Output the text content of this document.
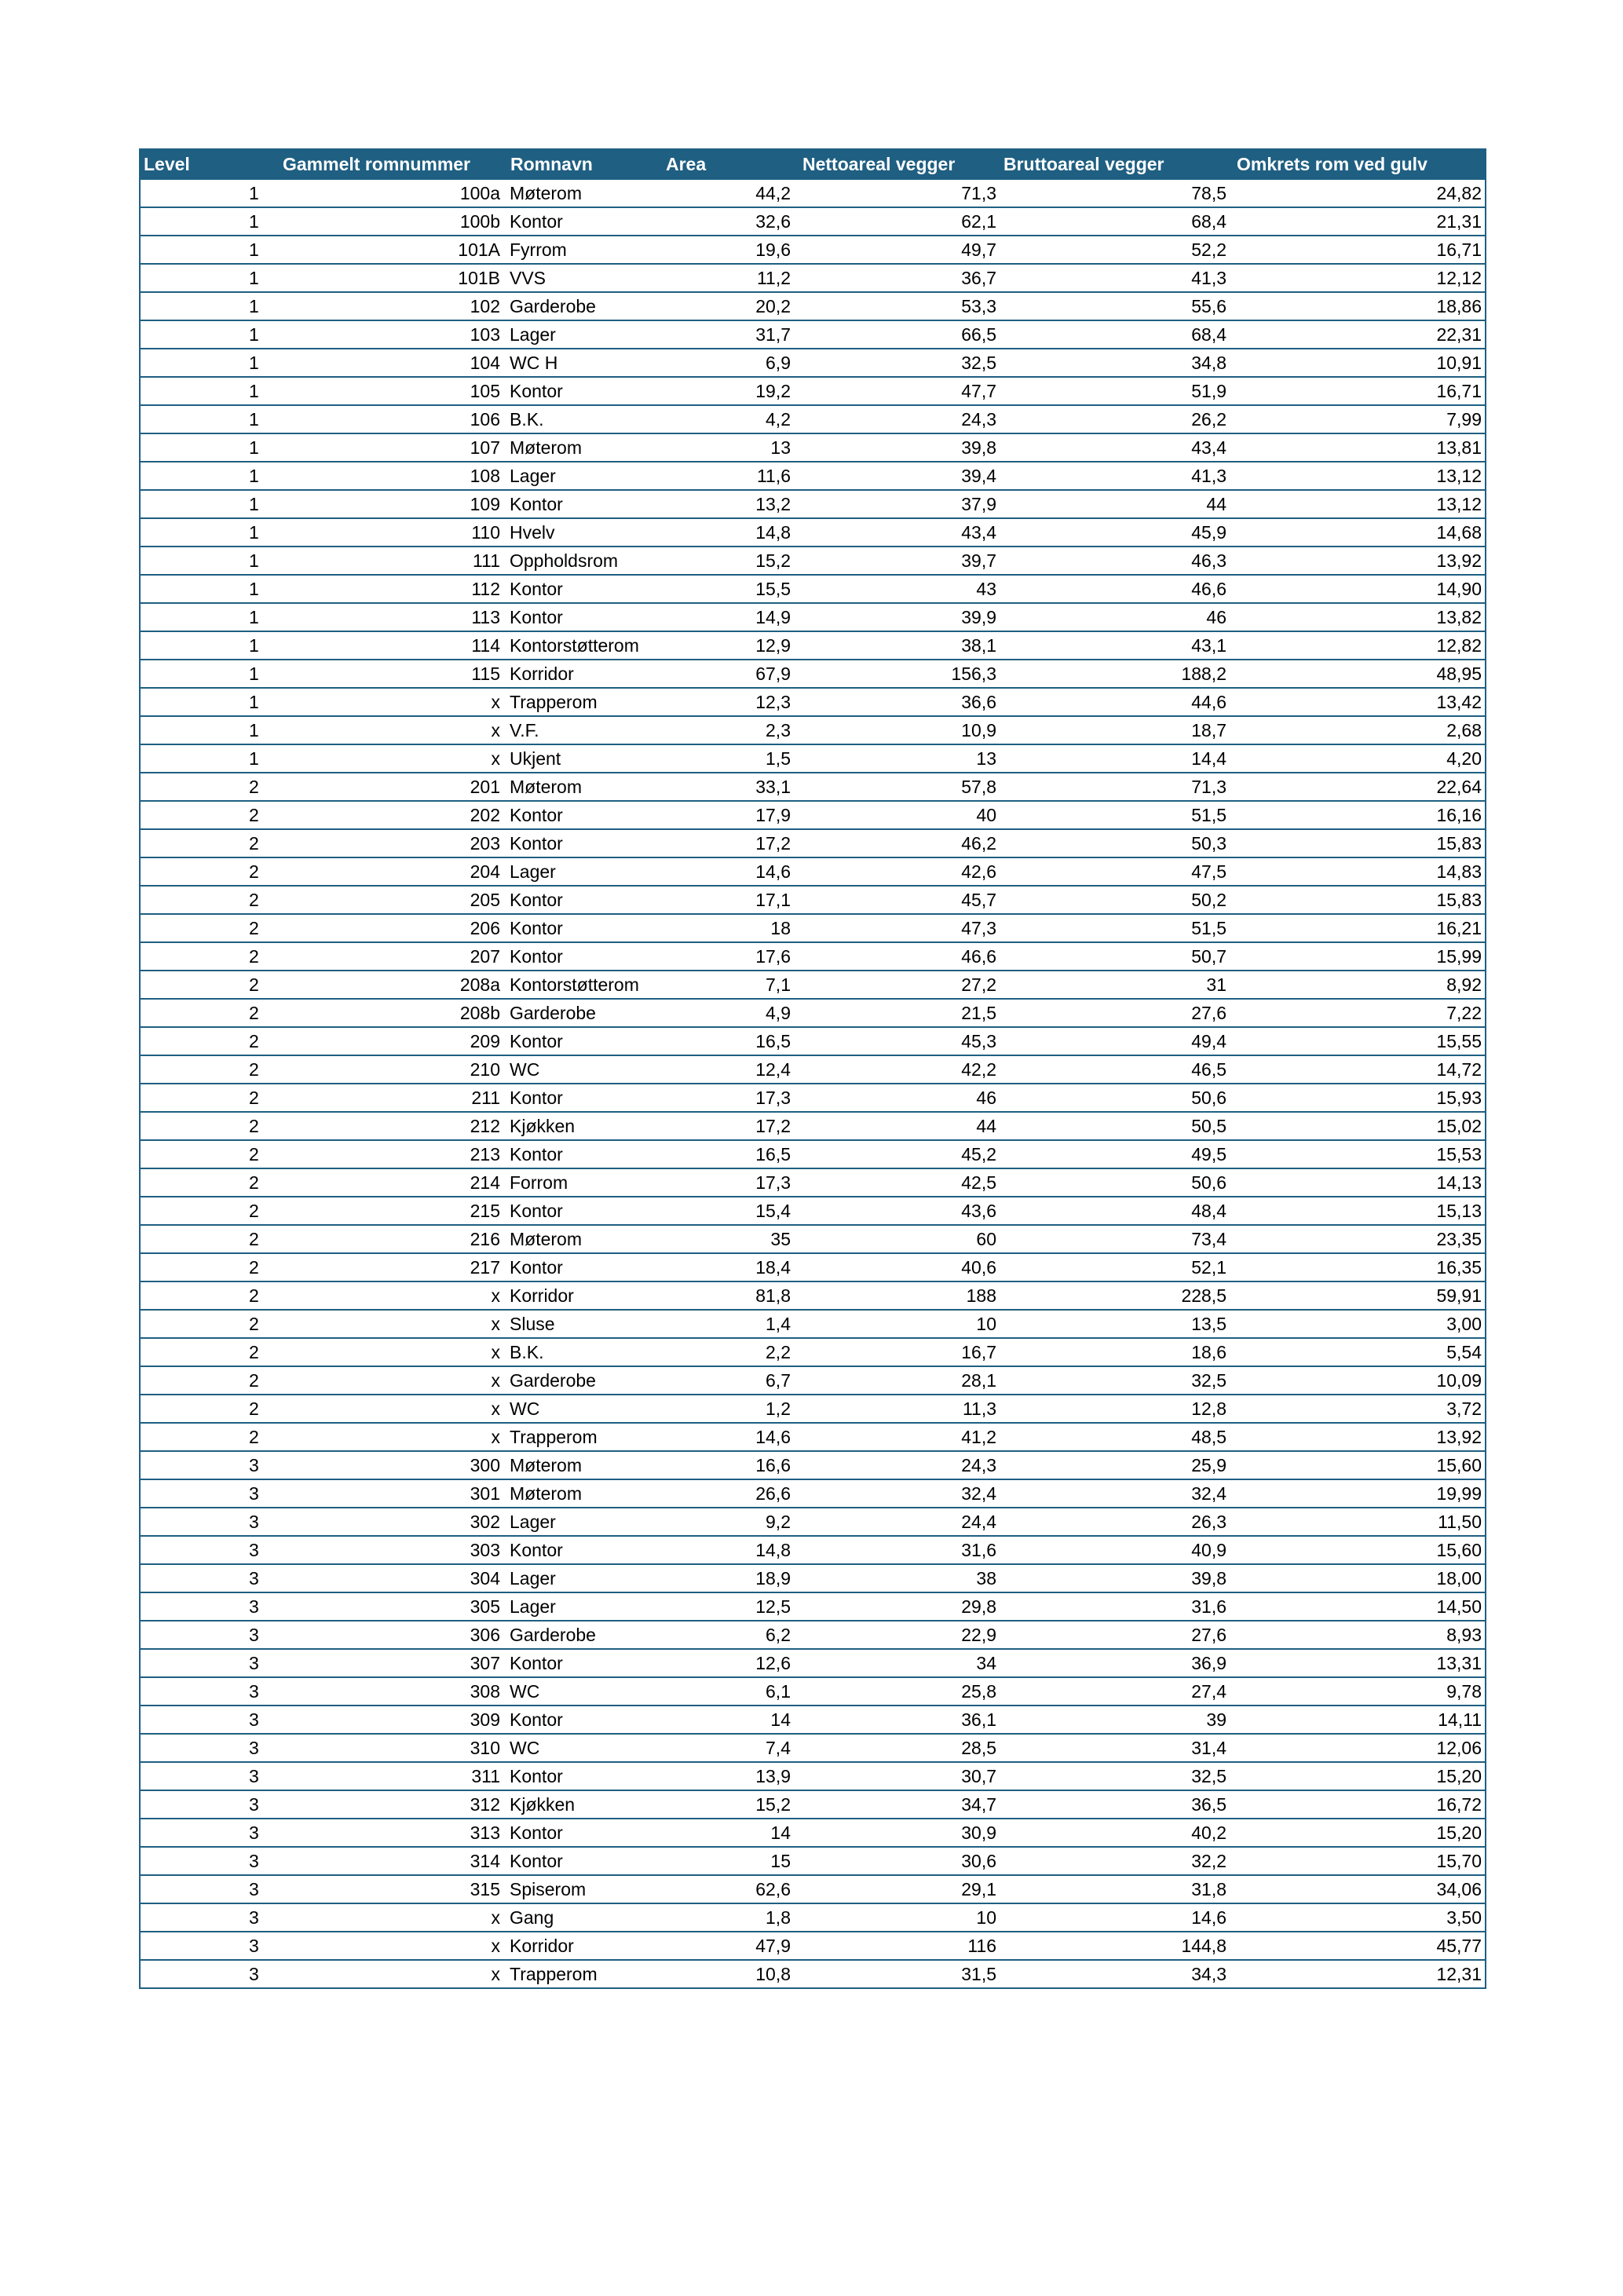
Level	Gammelt romnummer	Romnavn	Area	Nettoareal vegger	Bruttoareal vegger	Omkrets rom ved gulv
1	100a	Møterom	44,2	71,3	78,5	24,82
1	100b	Kontor	32,6	62,1	68,4	21,31
1	101A	Fyrrom	19,6	49,7	52,2	16,71
1	101B	VVS	11,2	36,7	41,3	12,12
1	102	Garderobe	20,2	53,3	55,6	18,86
1	103	Lager	31,7	66,5	68,4	22,31
1	104	WC H	6,9	32,5	34,8	10,91
1	105	Kontor	19,2	47,7	51,9	16,71
1	106	B.K.	4,2	24,3	26,2	7,99
1	107	Møterom	13	39,8	43,4	13,81
1	108	Lager	11,6	39,4	41,3	13,12
1	109	Kontor	13,2	37,9	44	13,12
1	110	Hvelv	14,8	43,4	45,9	14,68
1	111	Oppholdsrom	15,2	39,7	46,3	13,92
1	112	Kontor	15,5	43	46,6	14,90
1	113	Kontor	14,9	39,9	46	13,82
1	114	Kontorstøtterom	12,9	38,1	43,1	12,82
1	115	Korridor	67,9	156,3	188,2	48,95
1	x	Trapperom	12,3	36,6	44,6	13,42
1	x	V.F.	2,3	10,9	18,7	2,68
1	x	Ukjent	1,5	13	14,4	4,20
2	201	Møterom	33,1	57,8	71,3	22,64
2	202	Kontor	17,9	40	51,5	16,16
2	203	Kontor	17,2	46,2	50,3	15,83
2	204	Lager	14,6	42,6	47,5	14,83
2	205	Kontor	17,1	45,7	50,2	15,83
2	206	Kontor	18	47,3	51,5	16,21
2	207	Kontor	17,6	46,6	50,7	15,99
2	208a	Kontorstøtterom	7,1	27,2	31	8,92
2	208b	Garderobe	4,9	21,5	27,6	7,22
2	209	Kontor	16,5	45,3	49,4	15,55
2	210	WC	12,4	42,2	46,5	14,72
2	211	Kontor	17,3	46	50,6	15,93
2	212	Kjøkken	17,2	44	50,5	15,02
2	213	Kontor	16,5	45,2	49,5	15,53
2	214	Forrom	17,3	42,5	50,6	14,13
2	215	Kontor	15,4	43,6	48,4	15,13
2	216	Møterom	35	60	73,4	23,35
2	217	Kontor	18,4	40,6	52,1	16,35
2	x	Korridor	81,8	188	228,5	59,91
2	x	Sluse	1,4	10	13,5	3,00
2	x	B.K.	2,2	16,7	18,6	5,54
2	x	Garderobe	6,7	28,1	32,5	10,09
2	x	WC	1,2	11,3	12,8	3,72
2	x	Trapperom	14,6	41,2	48,5	13,92
3	300	Møterom	16,6	24,3	25,9	15,60
3	301	Møterom	26,6	32,4	32,4	19,99
3	302	Lager	9,2	24,4	26,3	11,50
3	303	Kontor	14,8	31,6	40,9	15,60
3	304	Lager	18,9	38	39,8	18,00
3	305	Lager	12,5	29,8	31,6	14,50
3	306	Garderobe	6,2	22,9	27,6	8,93
3	307	Kontor	12,6	34	36,9	13,31
3	308	WC	6,1	25,8	27,4	9,78
3	309	Kontor	14	36,1	39	14,11
3	310	WC	7,4	28,5	31,4	12,06
3	311	Kontor	13,9	30,7	32,5	15,20
3	312	Kjøkken	15,2	34,7	36,5	16,72
3	313	Kontor	14	30,9	40,2	15,20
3	314	Kontor	15	30,6	32,2	15,70
3	315	Spiserom	62,6	29,1	31,8	34,06
3	x	Gang	1,8	10	14,6	3,50
3	x	Korridor	47,9	116	144,8	45,77
3	x	Trapperom	10,8	31,5	34,3	12,31
